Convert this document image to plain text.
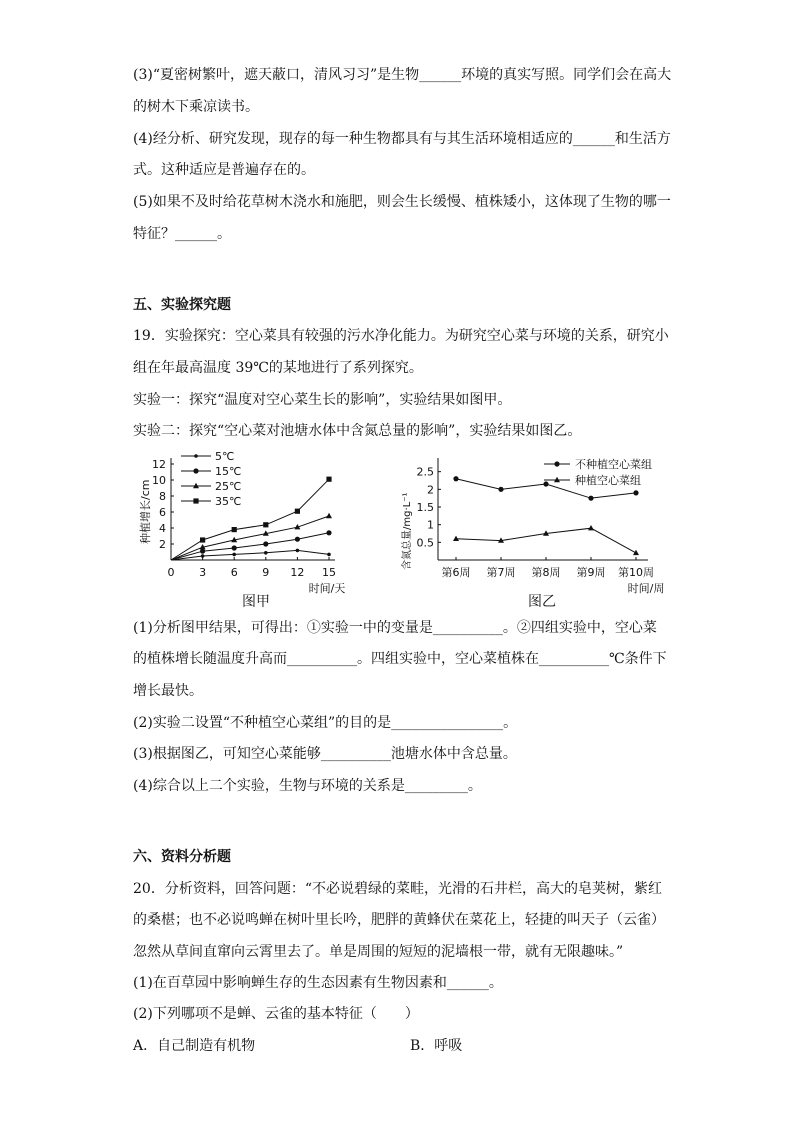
(3)“夏密树繁叶，遮天蔽口，清风习习”是生物______环境的真实写照。同学们会在高大
的树木下乘凉读书。
(4)经分析、研究发现，现存的每一种生物都具有与其生活环境相适应的______和生活方
式。这种适应是普遍存在的。
(5)如果不及时给花草树木浇水和施肥，则会生长缓慢、植株矮小，这体现了生物的哪一
特征？______。
五、实验探究题
19．实验探究：空心菜具有较强的污水净化能力。为研究空心菜与环境的关系，研究小
组在年最高温度 39℃的某地进行了系列探究。
实验一：探究“温度对空心菜生长的影响”，实验结果如图甲。
实验二：探究“空心菜对池塘水体中含氮总量的影响”，实验结果如图乙。
种植增长/cm
2
4
6
8
10
12
0 3 6 9 12 15
时间/天
5℃
15℃
25℃
35℃
图甲
含氮总量/mg·L⁻¹ 0.5
1
1.5
2
2.5
第6周 第7周 第8周 第9周 第10周
时间/周
不种植空心菜组
种植空心菜组
图乙
(1)分析图甲结果，可得出：①实验一中的变量是__________。②四组实验中，空心菜
的植株增长随温度升高而__________。四组实验中，空心菜植株在__________℃条件下
增长最快。
(2)实验二设置“不种植空心菜组”的目的是________________。
(3)根据图乙，可知空心菜能够__________池塘水体中含总量。
(4)综合以上二个实验，生物与环境的关系是_________。
六、资料分析题
20．分析资料，回答问题：“不必说碧绿的菜畦，光滑的石井栏，高大的皂荚树，紫红
的桑椹；也不必说鸣蝉在树叶里长吟，肥胖的黄蜂伏在菜花上，轻捷的叫天子（云雀）
忽然从草间直窜向云霄里去了。单是周围的短短的泥墙根一带，就有无限趣味。”
(1)在百草园中影响蝉生存的生态因素有生物因素和______。
(2)下列哪项不是蝉、云雀的基本特征（　　）
A．自己制造有机物	B．呼吸
